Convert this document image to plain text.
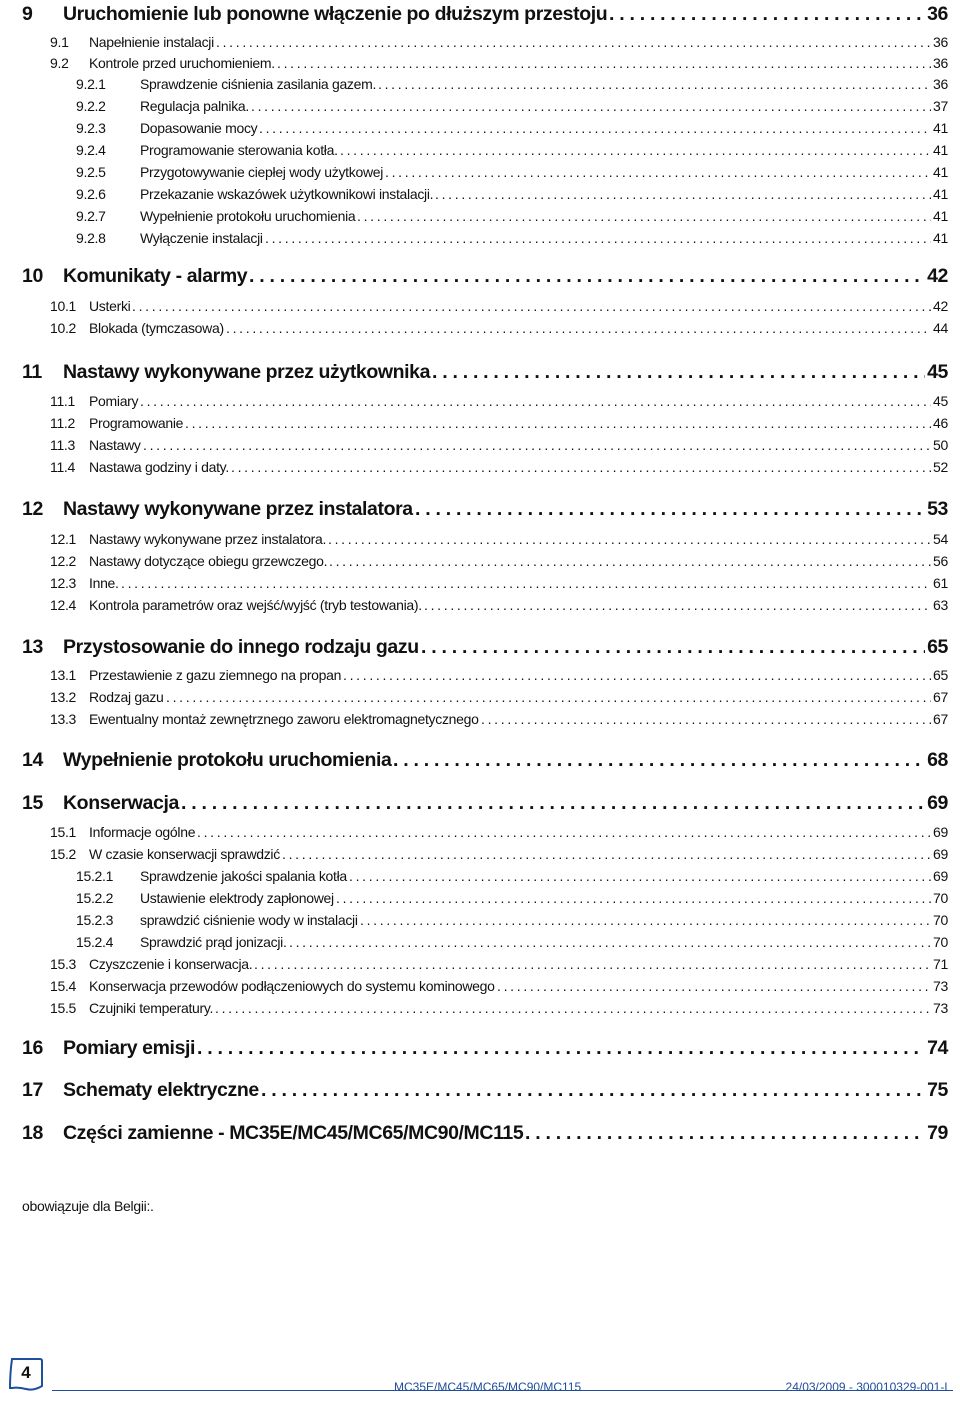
9 Uruchomienie lub ponowne włączenie po dłuższym przestoju . . .	36
9.1 Napełnienie instalacji . . .	36
9.2 Kontrole przed uruchomieniem. . . .	36
9.2.1 Sprawdzenie ciśnienia zasilania gazem. . . .	36
9.2.2 Regulacja palnika. . . .	37
9.2.3 Dopasowanie mocy . . .	41
9.2.4 Programowanie sterowania kotła. . . .	41
9.2.5 Przygotowywanie ciepłej wody użytkowej . . .	41
9.2.6 Przekazanie wskazówek użytkownikowi instalacji. . . .	41
9.2.7 Wypełnienie protokołu uruchomienia . . .	41
9.2.8 Wyłączenie instalacji . . .	41
10 Komunikaty - alarmy . . .	42
10.1 Usterki . . .	42
10.2 Blokada (tymczasowa) . . .	44
11 Nastawy wykonywane przez użytkownika . . .	45
11.1 Pomiary . . .	45
11.2 Programowanie . . .	46
11.3 Nastawy . . .	50
11.4 Nastawa godziny i daty. . . .	52
12 Nastawy wykonywane przez instalatora . . .	53
12.1 Nastawy wykonywane przez instalatora. . . .	54
12.2 Nastawy dotyczące obiegu grzewczego. . . .	56
12.3 Inne. . . .	61
12.4 Kontrola parametrów oraz wejść/wyjść (tryb testowania). . . .	63
13 Przystosowanie do innego rodzaju gazu . . .	65
13.1 Przestawienie z gazu ziemnego na propan . . .	65
13.2 Rodzaj gazu . . .	67
13.3 Ewentualny montaż zewnętrznego zaworu elektromagnetycznego . . .	67
14 Wypełnienie protokołu uruchomienia . . .	68
15 Konserwacja . . .	69
15.1 Informacje ogólne . . .	69
15.2 W czasie konserwacji sprawdzić . . .	69
15.2.1 Sprawdzenie jakości spalania kotła . . .	69
15.2.2 Ustawienie elektrody zapłonowej . . .	70
15.2.3 sprawdzić ciśnienie wody w instalacji . . .	70
15.2.4 Sprawdzić prąd jonizacji. . . .	70
15.3 Czyszczenie i konserwacja. . . .	71
15.4 Konserwacja przewodów podłączeniowych do systemu kominowego . . .	73
15.5 Czujniki temperatury. . . .	73
16 Pomiary emisji . . .	74
17 Schematy elektryczne . . .	75
18 Części zamienne - MC35E/MC45/MC65/MC90/MC115 . . .	79
obowiązuje dla Belgii:.
4
MC35E/MC45/MC65/MC90/MC115	24/03/2009 - 300010329-001-L
